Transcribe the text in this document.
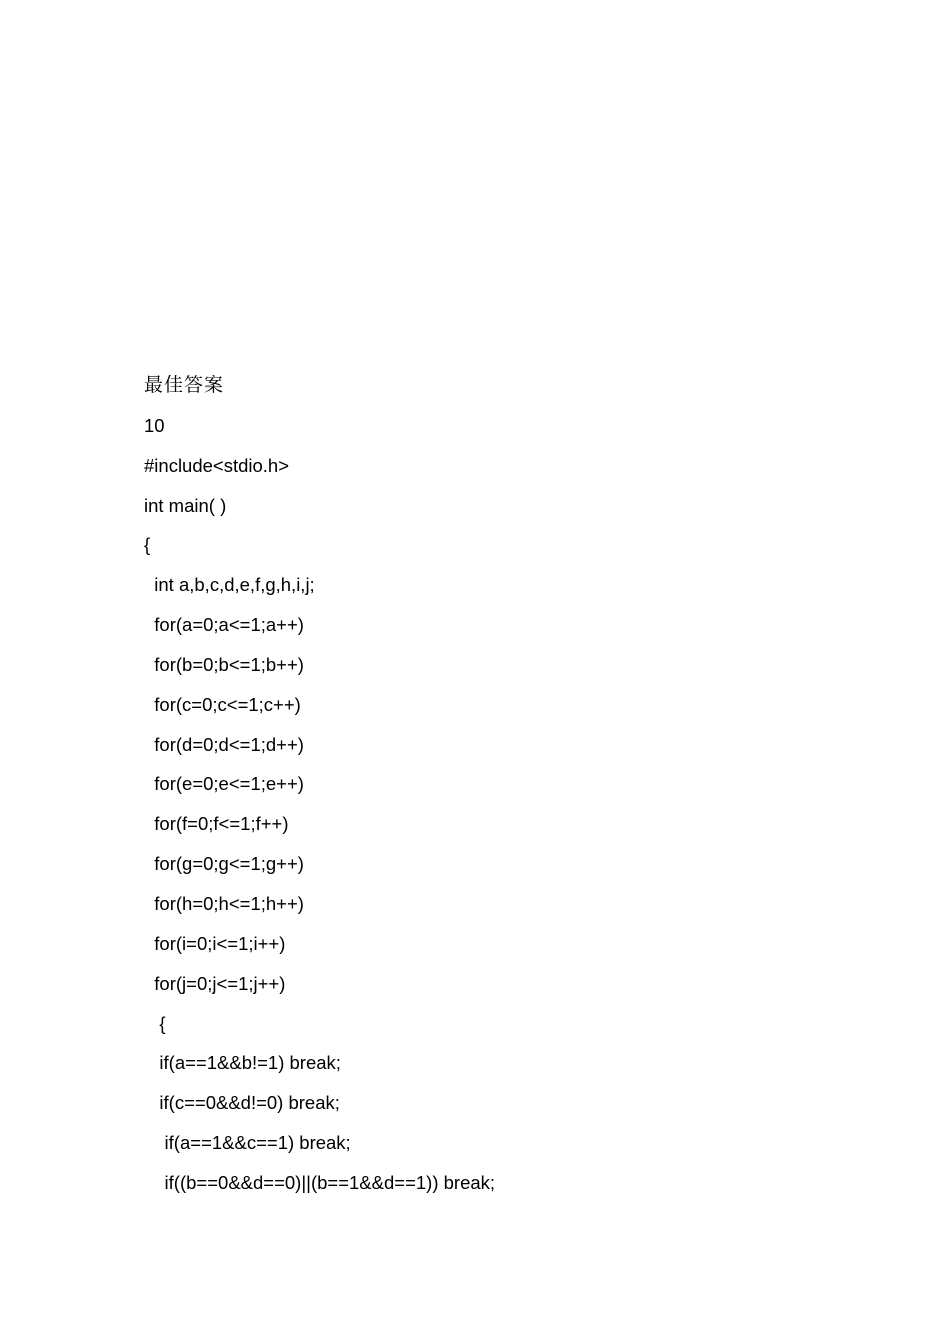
最佳答案
10
#include<stdio.h>
int main( )
{
int a,b,c,d,e,f,g,h,i,j;
for(a=0;a<=1;a++)
for(b=0;b<=1;b++)
for(c=0;c<=1;c++)
for(d=0;d<=1;d++)
for(e=0;e<=1;e++)
for(f=0;f<=1;f++)
for(g=0;g<=1;g++)
for(h=0;h<=1;h++)
for(i=0;i<=1;i++)
for(j=0;j<=1;j++)
{
if(a==1&&b!=1) break;
if(c==0&&d!=0) break;
if(a==1&&c==1) break;
if((b==0&&d==0)||(b==1&&d==1)) break;
